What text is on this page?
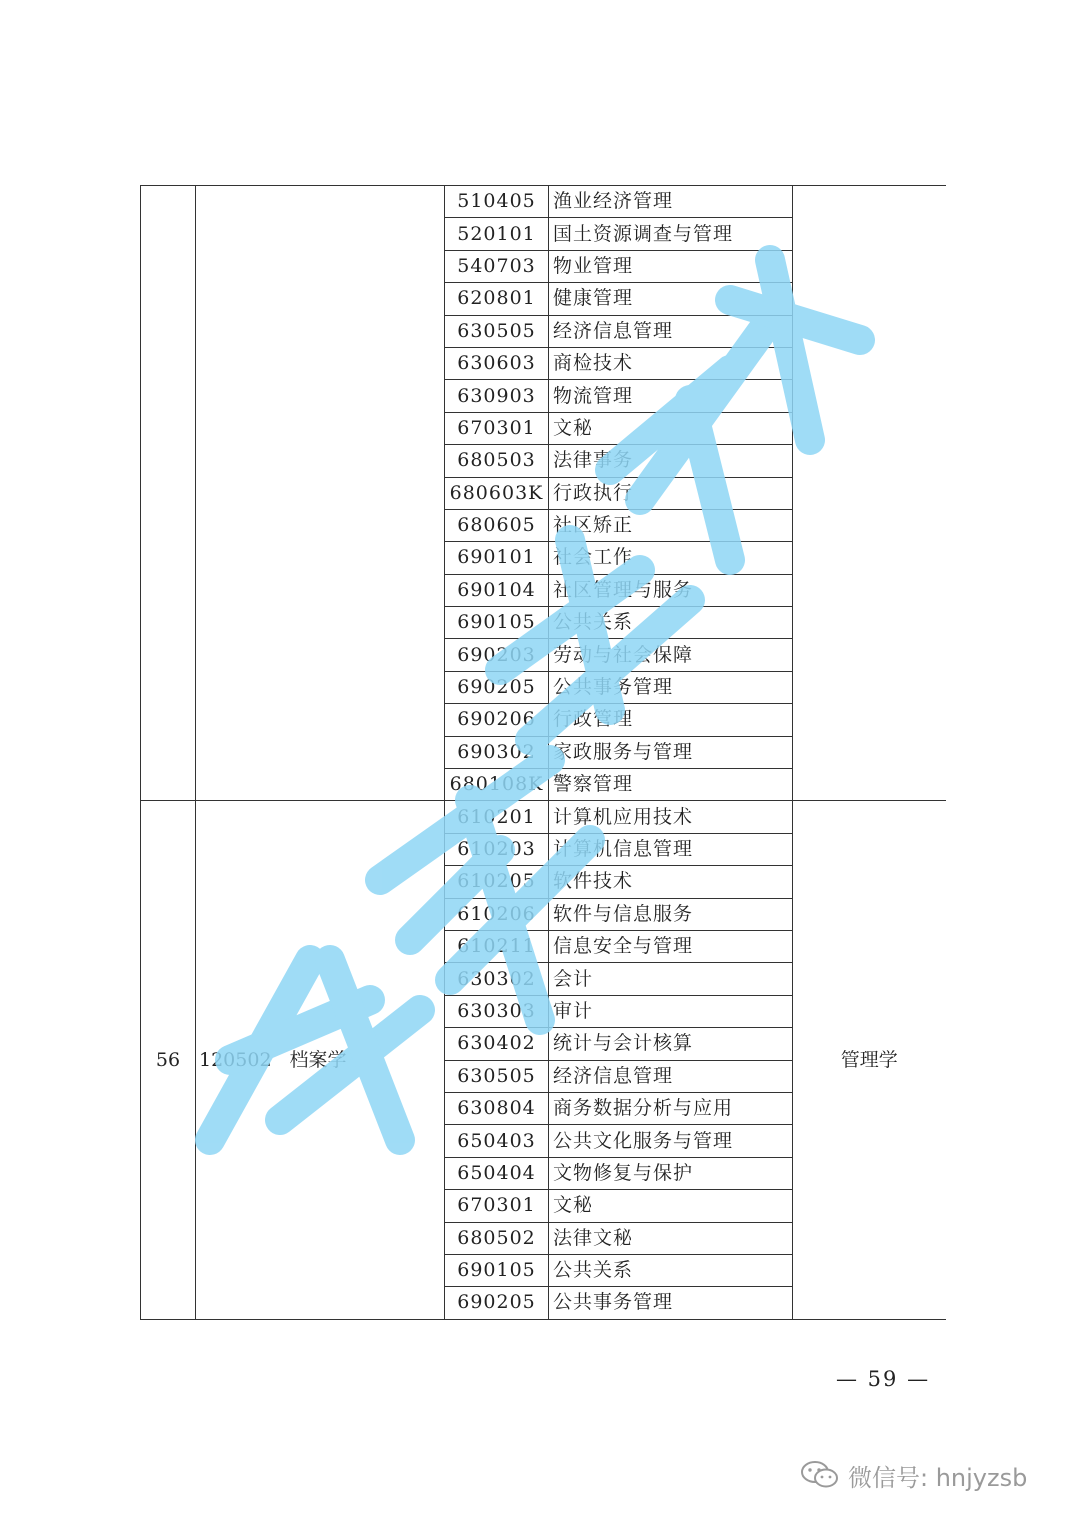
		510405	渔业经济管理	
		520101	国土资源调查与管理	
		540703	物业管理	
		620801	健康管理	
		630505	经济信息管理	
		630603	商检技术	
		630903	物流管理	
		670301	文秘	
		680503	法律事务	
		680603K	行政执行	
		680605	社区矫正	
		690101	社会工作	
		690104	社区管理与服务	
		690105	公共关系	
		690203	劳动与社会保障	
		690205	公共事务管理	
		690206	行政管理	
		690302	家政服务与管理	
		680108K	警察管理	
56	120502 档案学	610201	计算机应用技术	管理学
		610203	计算机信息管理	
		610205	软件技术	
		610206	软件与信息服务	
		610211	信息安全与管理	
		630302	会计	
		630303	审计	
		630402	统计与会计核算	
		630505	经济信息管理	
		630804	商务数据分析与应用	
		650403	公共文化服务与管理	
		650404	文物修复与保护	
		670301	文秘	
		680502	法律文秘	
		690105	公共关系	
		690205	公共事务管理	
— 59 —
微信号: hnjyzsb
